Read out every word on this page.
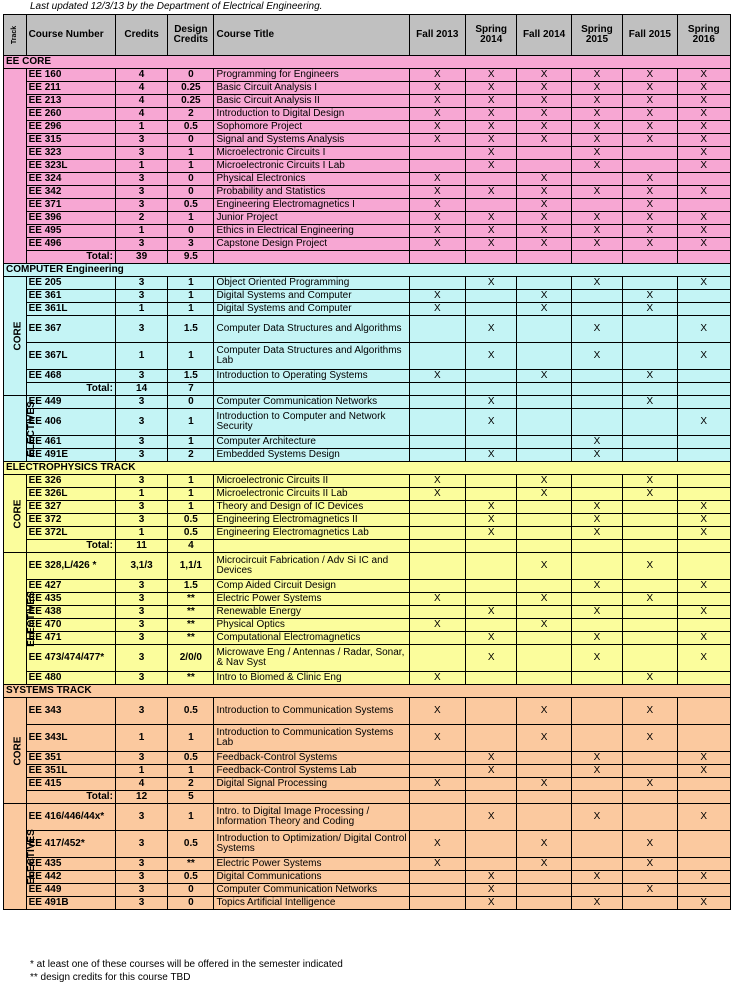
Last updated 12/3/13 by the Department of Electrical Engineering.
Track	Course Number	Credits	Design Credits	Course Title	Fall 2013	Spring 2014	Fall 2014	Spring 2015	Fall 2015	Spring 2016
EE CORE										
	EE 160	4	0	Programming for Engineers	X	X	X	X	X	X
	EE 211	4	0.25	Basic Circuit Analysis I	X	X	X	X	X	X
	EE 213	4	0.25	Basic Circuit Analysis II	X	X	X	X	X	X
	EE 260	4	2	Introduction to Digital Design	X	X	X	X	X	X
	EE 296	1	0.5	Sophomore Project	X	X	X	X	X	X
	EE 315	3	0	Signal and Systems Analysis	X	X	X	X	X	X
	EE 323	3	1	Microelectronic Circuits I		X		X		X
	EE 323L	1	1	Microelectronic Circuits I Lab		X		X		X
	EE 324	3	0	Physical Electronics	X		X		X	
	EE 342	3	0	Probability and Statistics	X	X	X	X	X	X
	EE 371	3	0.5	Engineering Electromagnetics I	X		X		X	
	EE 396	2	1	Junior Project	X	X	X	X	X	X
	EE 495	1	0	Ethics in Electrical Engineering	X	X	X	X	X	X
	EE 496	3	3	Capstone Design Project	X	X	X	X	X	X
	Total:	39	9.5							
COMPUTER Engineering										
CORE	EE 205	3	1	Object Oriented Programming		X		X		X
	EE 361	3	1	Digital Systems and Computer	X		X		X	
	EE 361L	1	1	Digital Systems and Computer	X		X		X	
	EE 367	3	1.5	Computer Data Structures and Algorithms		X		X		X
	EE 367L	1	1	Computer Data Structures and Algorithms Lab		X		X		X
	EE 468	3	1.5	Introduction to Operating Systems	X		X		X	
	Total:	14	7							
ELECTIVES	EE 449	3	0	Computer Communication Networks		X			X	
	EE 406	3	1	Introduction to Computer and Network Security		X				X
	EE 461	3	1	Computer Architecture				X		
	EE 491E	3	2	Embedded Systems Design		X		X		
ELECTROPHYSICS TRACK										
CORE	EE 326	3	1	Microelectronic Circuits II	X		X		X	
	EE 326L	1	1	Microelectronic Circuits II Lab	X		X		X	
	EE 327	3	1	Theory and Design of IC Devices		X		X		X
	EE 372	3	0.5	Engineering Electromagnetics II		X		X		X
	EE 372L	1	0.5	Engineering Electromagnetics Lab		X		X		X
	Total:	11	4							
ELECTIVES	EE 328,L/426 *	3,1/3	1,1/1	Microcircuit Fabrication / Adv Si IC and Devices			X		X	
	EE 427	3	1.5	Comp Aided Circuit Design				X		X
	EE 435	3	**	Electric Power Systems	X		X		X	
	EE 438	3	**	Renewable Energy		X		X		X
	EE 470	3	**	Physical Optics	X		X			
	EE 471	3	**	Computational Electromagnetics		X		X		X
	EE 473/474/477*	3	2/0/0	Microwave Eng / Antennas / Radar, Sonar, & Nav Syst		X		X		X
	EE 480	3	**	Intro to Biomed & Clinic Eng	X				X	
SYSTEMS TRACK										
CORE	EE 343	3	0.5	Introduction to Communication Systems	X		X		X	
	EE 343L	1	1	Introduction to Communication Systems Lab	X		X		X	
	EE 351	3	0.5	Feedback-Control Systems		X		X		X
	EE 351L	1	1	Feedback-Control Systems Lab		X		X		X
	EE 415	4	2	Digital Signal Processing	X		X		X	
	Total:	12	5							
ELECTIVES	EE 416/446/44x*	3	1	Intro. to Digital Image Processing / Information Theory and Coding		X		X		X
	EE 417/452*	3	0.5	Introduction to Optimization/ Digital Control Systems	X		X		X	
	EE 435	3	**	Electric Power Systems	X		X		X	
	EE 442	3	0.5	Digital Communications		X		X		X
	EE 449	3	0	Computer Communication Networks		X			X	
	EE 491B	3	0	Topics Artificial Intelligence		X		X		X
* at least one of these courses will be offered in the semester indicated
** design credits for this course TBD
